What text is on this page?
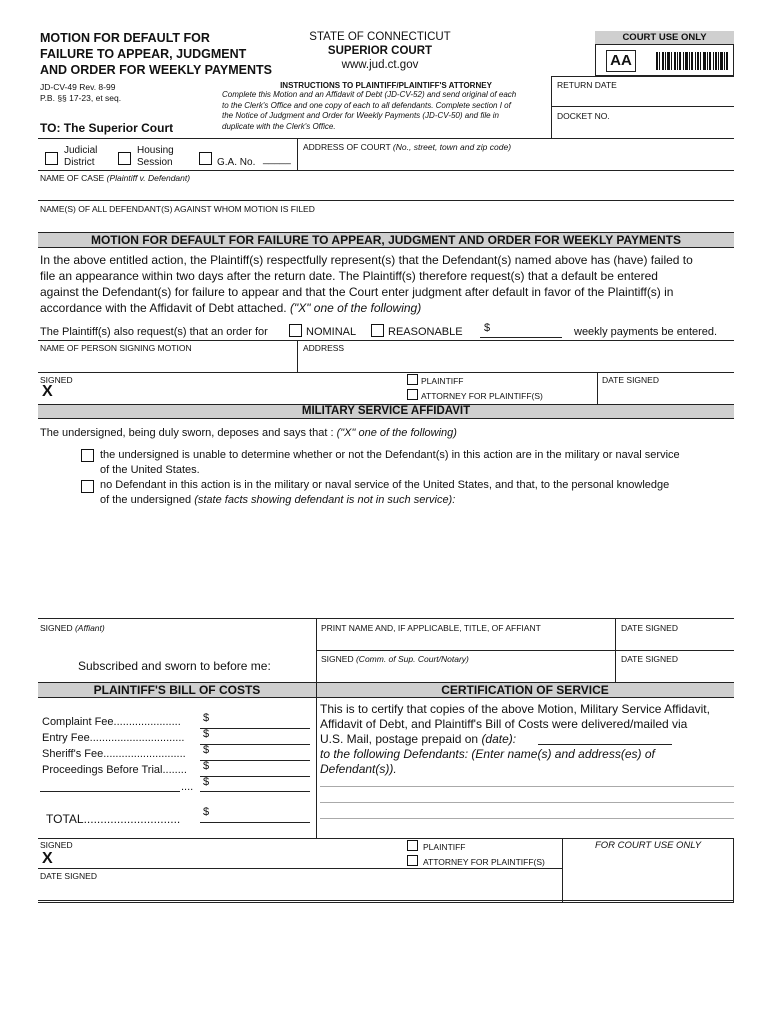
MOTION FOR DEFAULT FOR
FAILURE TO APPEAR, JUDGMENT
AND ORDER FOR WEEKLY PAYMENTS
JD-CV-49 Rev. 8-99
P.B. §§ 17-23, et seq.
STATE OF CONNECTICUT
SUPERIOR COURT
www.jud.ct.gov
COURT USE ONLY
AA
INSTRUCTIONS TO PLAINTIFF/PLAINTIFF'S ATTORNEY
Complete this Motion and an Affidavit of Debt (JD-CV-52) and send original of each
to the Clerk's Office and one copy of each to all defendants. Complete section I of
the Notice of Judgment and Order for Weekly Payments (JD-CV-50) and file in
duplicate with the Clerk's Office.
RETURN DATE
DOCKET NO.
TO: The Superior Court
Judicial
District
Housing
Session	G.A. No. _____
ADDRESS OF COURT (No., street, town and zip code)
NAME OF CASE (Plaintiff v. Defendant)
NAME(S) OF ALL DEFENDANT(S) AGAINST WHOM MOTION IS FILED
MOTION FOR DEFAULT FOR FAILURE TO APPEAR, JUDGMENT AND ORDER FOR WEEKLY PAYMENTS
In the above entitled action, the Plaintiff(s) respectfully represent(s) that the Defendant(s) named above has (have) failed to
file an appearance within two days after the return date. The Plaintiff(s) therefore request(s) that a default be entered
against the Defendant(s) for failure to appear and that the Court enter judgment after default in favor of the Plaintiff(s) in
accordance with the Affidavit of Debt attached. ("X" one of the following)
The Plaintiff(s) also request(s) that an order for	NOMINAL	REASONABLE $	weekly payments be entered.
NAME OF PERSON SIGNING MOTION	ADDRESS
SIGNED
X
PLAINTIFF
ATTORNEY FOR PLAINTIFF(S)
DATE SIGNED
MILITARY SERVICE AFFIDAVIT
The undersigned, being duly sworn, deposes and says that : ("X" one of the following)
the undersigned is unable to determine whether or not the Defendant(s) in this action are in the military or naval service
of the United States.
no Defendant in this action is in the military or naval service of the United States, and that, to the personal knowledge
of the undersigned (state facts showing defendant is not in such service):
SIGNED (Affiant)	PRINT NAME AND, IF APPLICABLE, TITLE, OF AFFIANT	DATE SIGNED
Subscribed and sworn to before me:	SIGNED (Comm. of Sup. Court/Notary)	DATE SIGNED
PLAINTIFF'S BILL OF COSTS	CERTIFICATION OF SERVICE
Complaint Fee...................... $
Entry Fee............................... $
Sheriff's Fee........................... $
Proceedings Before Trial........ $
.... $
TOTAL............................. $
This is to certify that copies of the above Motion, Military Service Affidavit,
Affidavit of Debt, and Plaintiff's Bill of Costs were delivered/mailed via
U.S. Mail, postage prepaid on (date):
to the following Defendants: (Enter name(s) and address(es) of
Defendant(s)).
SIGNED
X
PLAINTIFF
ATTORNEY FOR PLAINTIFF(S)
FOR COURT USE ONLY
DATE SIGNED
